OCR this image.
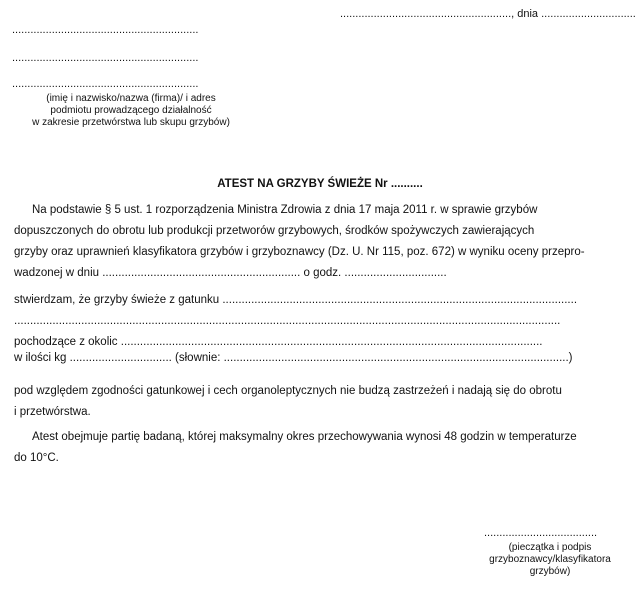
........................................................, dnia ...............................
.............................................................
.............................................................
.............................................................
(imię i nazwisko/nazwa (firma)/ i adres
podmiotu prowadzącego działalność
w zakresie przetwórstwa lub skupu grzybów)
ATEST NA GRZYBY ŚWIEŻE Nr ..........
Na podstawie § 5 ust. 1 rozporządzenia Ministra Zdrowia z dnia 17 maja 2011 r. w sprawie grzybów
dopuszczonych do obrotu lub produkcji przetworów grzybowych, środków spożywczych zawierających
grzyby oraz uprawnień klasyfikatora grzybów i grzyboznawcy (Dz. U. Nr 115, poz. 672) w wyniku oceny przepro-
wadzonej w dniu .............................................................. o godz. ................................
stwierdzam, że grzyby świeże z gatunku ...............................................................................................................
...........................................................................................................................................................................
pochodzące z okolic ....................................................................................................................................
w ilości kg ................................ (słownie: ............................................................................................................)
pod względem zgodności gatunkowej i cech organoleptycznych nie budzą zastrzeżeń i nadają się do obrotu
i przetwórstwa.
Atest obejmuje partię badaną, której maksymalny okres przechowywania wynosi 48 godzin w temperaturze
do 10°C.
.....................................
(pieczątka i podpis
grzyboznawcy/klasyfikatora
grzybów)
